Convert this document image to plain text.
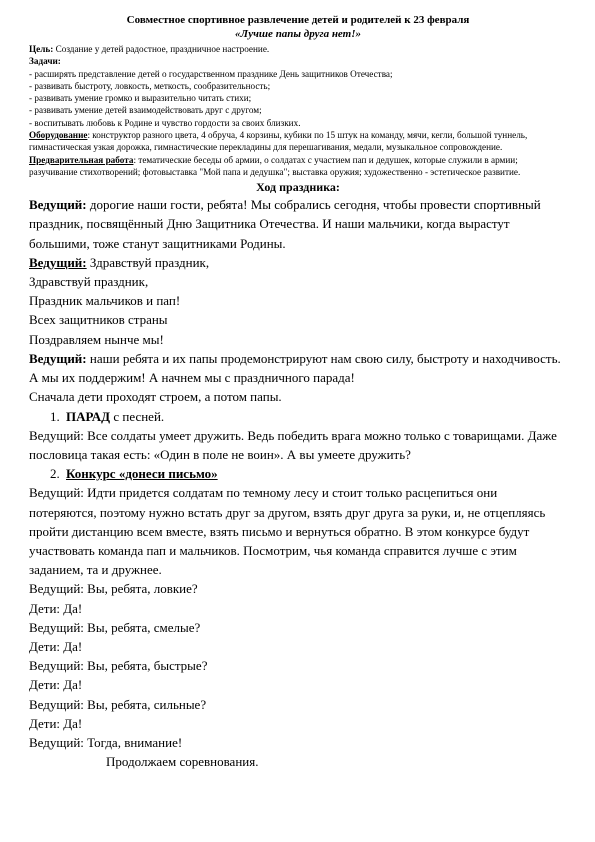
Совместное спортивное развлечение детей и родителей к 23 февраля

«Лучше папы друга нет!»

Цель: Создание у детей радостное, праздничное настроение.

Задачи:

- расширять представление детей о государственном празднике День защитников Отечества;

- развивать быстроту, ловкость, меткость, сообразительность;

- развивать умение громко и выразительно читать стихи;

- развивать умение детей взаимодействовать друг с другом;

- воспитывать любовь к Родине и чувство гордости за своих близких.

Оборудование: конструктор разного цвета, 4 обруча, 4 корзины, кубики по 15 штук на команду, мячи, кегли, большой туннель, гимнастическая узкая дорожка, гимнастические перекладины для перешагивания, медали, музыкальное сопровождение.

Предварительная работа: тематические беседы об армии, о солдатах с участием пап и дедушек, которые служили в армии; разучивание стихотворений; фотовыставка "Мой папа и дедушка"; выставка оружия; художественно - эстетическое развитие.

Ход праздника:

Ведущий: дорогие наши гости, ребята! Мы собрались сегодня, чтобы провести спортивный праздник, посвящённый Дню Защитника Отечества. И наши мальчики, когда вырастут большими, тоже станут защитниками Родины.

Ведущий: Здравствуй праздник,

Здравствуй праздник,

Праздник мальчиков и пап!

Всех защитников страны

Поздравляем нынче мы!

Ведущий: наши ребята и их папы продемонстрируют нам свою силу, быстроту и находчивость. А мы их поддержим! А начнем мы с праздничного парада!

Сначала дети проходят строем, а потом папы.

1. ПАРАД с песней.

Ведущий: Все солдаты умеет дружить. Ведь победить врага можно только с товарищами. Даже пословица такая есть: «Один в поле не воин». А вы умеете дружить?

2. Конкурс «донеси письмо»

Ведущий: Идти придется солдатам по темному лесу и стоит только расцепиться они потеряются, поэтому нужно встать друг за другом, взять друг друга за руки, и, не отцепляясь пройти дистанцию всем вместе, взять письмо и вернуться обратно. В этом конкурсе будут участвовать команда пап и мальчиков. Посмотрим, чья команда справится лучше с этим заданием, та и дружнее.

Ведущий: Вы, ребята, ловкие?

Дети: Да!

Ведущий: Вы, ребята, смелые?

Дети: Да!

Ведущий: Вы, ребята, быстрые?

Дети: Да!

Ведущий: Вы, ребята, сильные?

Дети: Да!

Ведущий: Тогда, внимание!

Продолжаем соревнования.
